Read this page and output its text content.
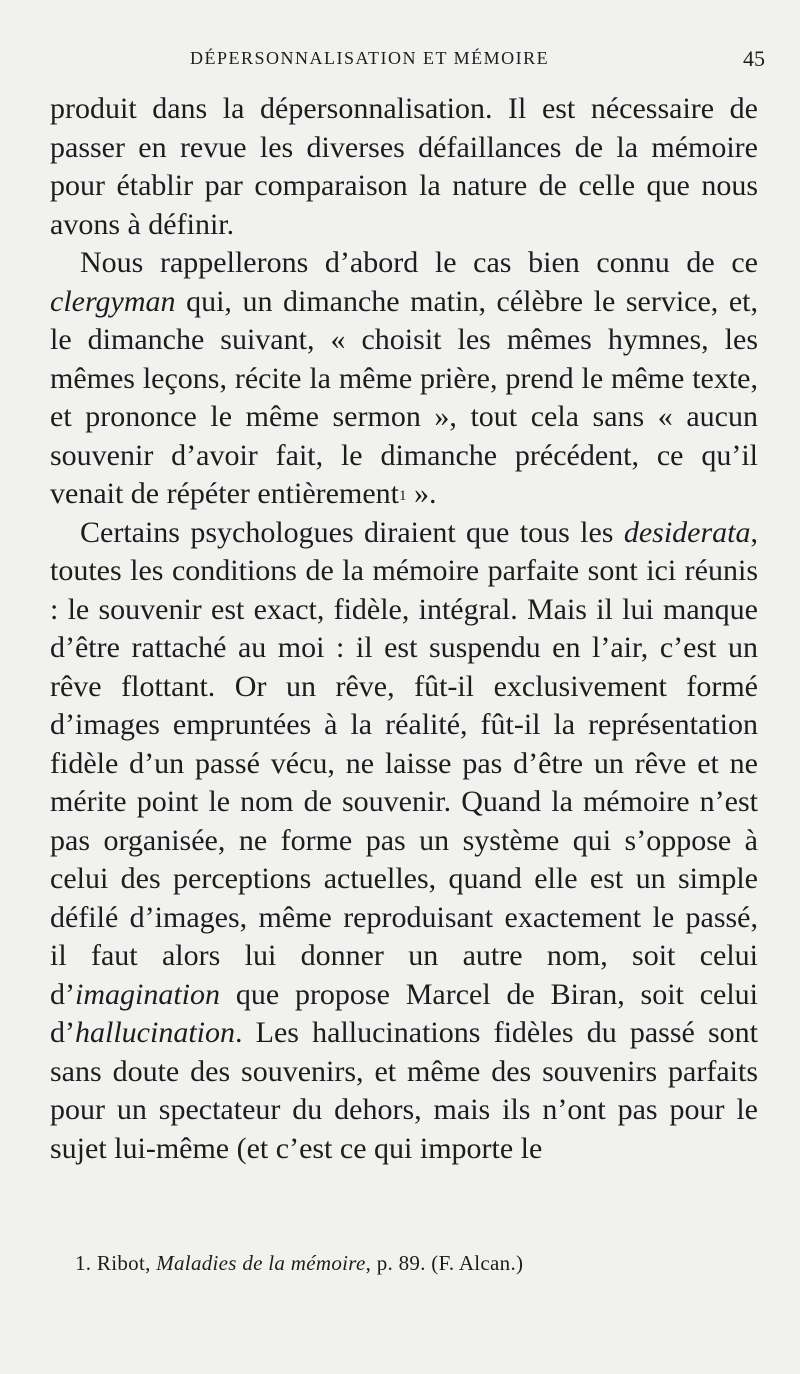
DÉPERSONNALISATION ET MÉMOIRE	45

produit dans la dépersonnalisation. Il est nécessaire de passer en revue les diverses défaillances de la mémoire pour établir par comparaison la nature de celle que nous avons à définir.

Nous rappellerons d’abord le cas bien connu de ce clergyman qui, un dimanche matin, célèbre le service, et, le dimanche suivant, « choisit les mêmes hymnes, les mêmes leçons, récite la même prière, prend le même texte, et prononce le même sermon », tout cela sans « aucun souvenir d’avoir fait, le dimanche précédent, ce qu’il venait de répéter entièrement$^1$ ».

Certains psychologues diraient que tous les desiderata, toutes les conditions de la mémoire parfaite sont ici réunis : le souvenir est exact, fidèle, intégral. Mais il lui manque d’être rattaché au moi : il est suspendu en l’air, c’est un rêve flottant. Or un rêve, fût-il exclusivement formé d’images empruntées à la réalité, fût-il la représentation fidèle d’un passé vécu, ne laisse pas d’être un rêve et ne mérite point le nom de souvenir. Quand la mémoire n’est pas organisée, ne forme pas un système qui s’oppose à celui des perceptions actuelles, quand elle est un simple défilé d’images, même reproduisant exactement le passé, il faut alors lui donner un autre nom, soit celui d’imagination que propose Marcel de Biran, soit celui d’hallucination. Les hallucinations fidèles du passé sont sans doute des souvenirs, et même des souvenirs parfaits pour un spectateur du dehors, mais ils n’ont pas pour le sujet lui-même (et c’est ce qui importe le

1. Ribot, Maladies de la mémoire, p. 89. (F. Alcan.)
